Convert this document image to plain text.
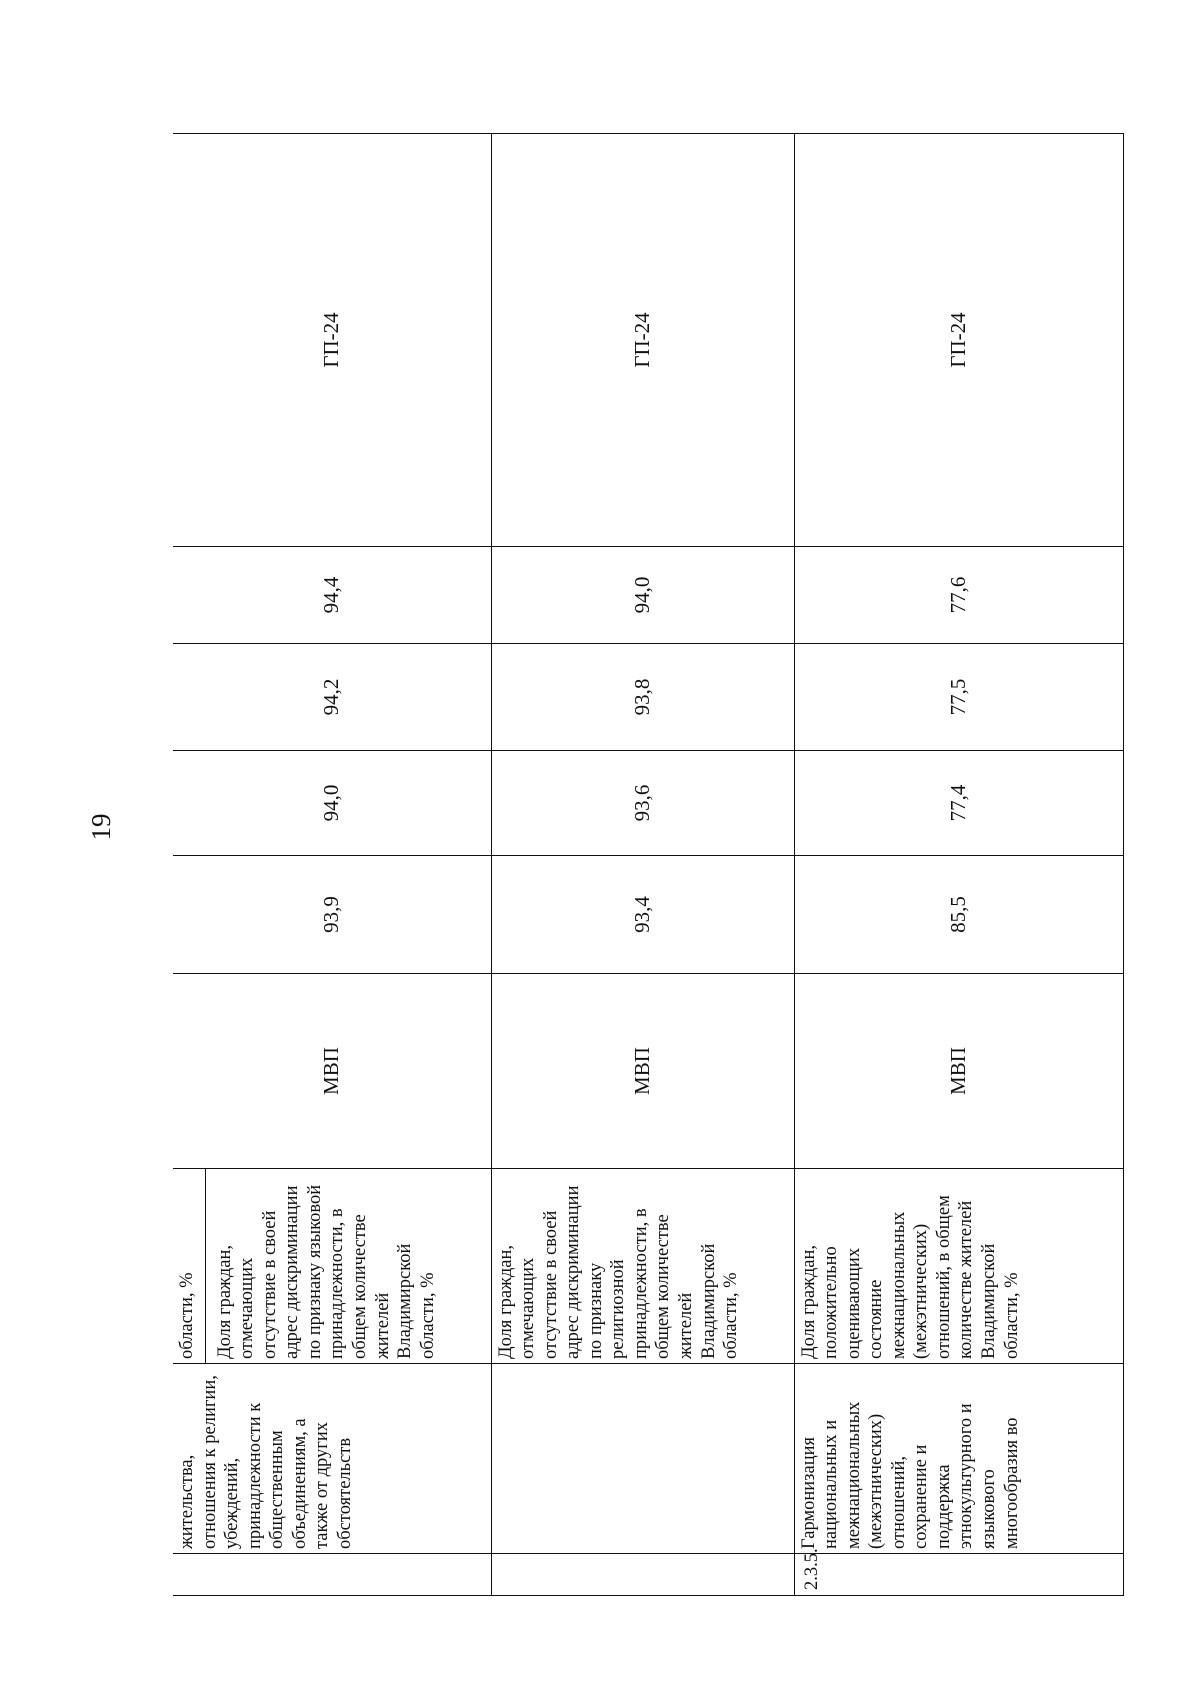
19
	жительства, отношения к религии, убеждений, принадлежности к общественным объединениям, а также от других обстоятельств	области, % Доля граждан, отмечающих отсутствие в своей адрес дискриминации по признаку языковой принадлежности, в общем количестве жителей Владимирской области, %	МВП	93,9	94,0	94,2	94,4	ГП-24
		Доля граждан, отмечающих отсутствие в своей адрес дискриминации по признаку религиозной принадлежности, в общем количестве жителей Владимирской области, %	МВП	93,4	93,6	93,8	94,0	ГП-24
2.3.5.	Гармонизация национальных и межнациональных (межэтнических) отношений, сохранение и поддержка этнокультурного и языкового многообразия во	Доля граждан, положительно оценивающих состояние межнациональных (межэтнических) отношений, в общем количестве жителей Владимирской области, %	МВП	85,5	77,4	77,5	77,6	ГП-24
